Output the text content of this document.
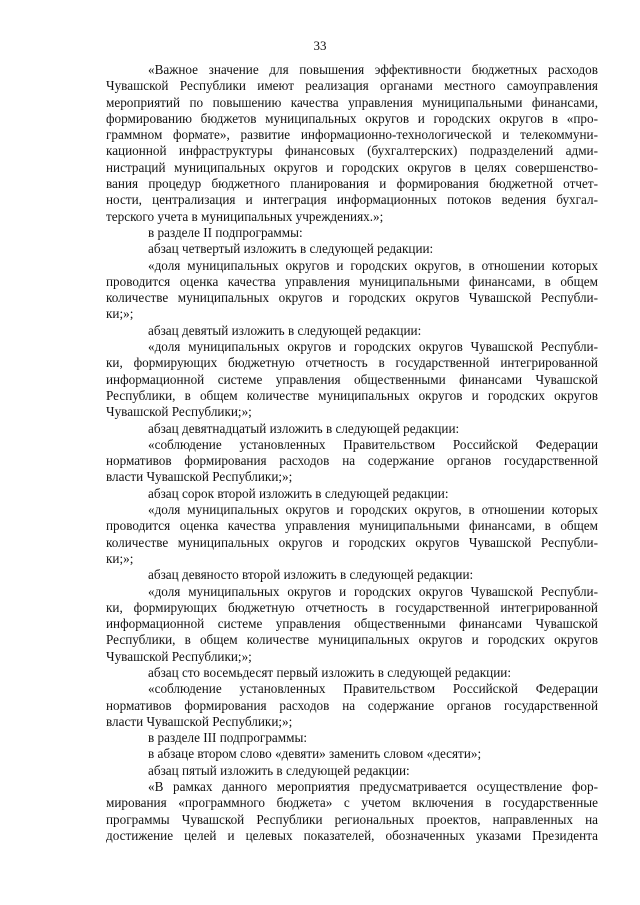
33
«Важное значение для повышения эффективности бюджетных расходов
Чувашской Республики имеют реализация органами местного самоуправления
мероприятий по повышению качества управления муниципальными финансами,
формированию бюджетов муниципальных округов и городских округов в «про-
граммном формате», развитие информационно-технологической и телекоммуни-
кационной инфраструктуры финансовых (бухгалтерских) подразделений адми-
нистраций муниципальных округов и городских округов в целях совершенство-
вания процедур бюджетного планирования и формирования бюджетной отчет-
ности, централизация и интеграция информационных потоков ведения бухгал-
терского учета в муниципальных учреждениях.»;
в разделе II подпрограммы:
абзац четвертый изложить в следующей редакции:
«доля муниципальных округов и городских округов, в отношении которых
проводится оценка качества управления муниципальными финансами, в общем
количестве муниципальных округов и городских округов Чувашской Республи-
ки;»;
абзац девятый изложить в следующей редакции:
«доля муниципальных округов и городских округов Чувашской Республи-
ки, формирующих бюджетную отчетность в государственной интегрированной
информационной системе управления общественными финансами Чувашской
Республики, в общем количестве муниципальных округов и городских округов
Чувашской Республики;»;
абзац девятнадцатый изложить в следующей редакции:
«соблюдение установленных Правительством Российской Федерации
нормативов формирования расходов на содержание органов государственной
власти Чувашской Республики;»;
абзац сорок второй изложить в следующей редакции:
«доля муниципальных округов и городских округов, в отношении которых
проводится оценка качества управления муниципальными финансами, в общем
количестве муниципальных округов и городских округов Чувашской Республи-
ки;»;
абзац девяносто второй изложить в следующей редакции:
«доля муниципальных округов и городских округов Чувашской Республи-
ки, формирующих бюджетную отчетность в государственной интегрированной
информационной системе управления общественными финансами Чувашской
Республики, в общем количестве муниципальных округов и городских округов
Чувашской Республики;»;
абзац сто восемьдесят первый изложить в следующей редакции:
«соблюдение установленных Правительством Российской Федерации
нормативов формирования расходов на содержание органов государственной
власти Чувашской Республики;»;
в разделе III подпрограммы:
в абзаце втором слово «девяти» заменить словом «десяти»;
абзац пятый изложить в следующей редакции:
«В рамках данного мероприятия предусматривается осуществление фор-
мирования «программного бюджета» с учетом включения в государственные
программы Чувашской Республики региональных проектов, направленных на
достижение целей и целевых показателей, обозначенных указами Президента
